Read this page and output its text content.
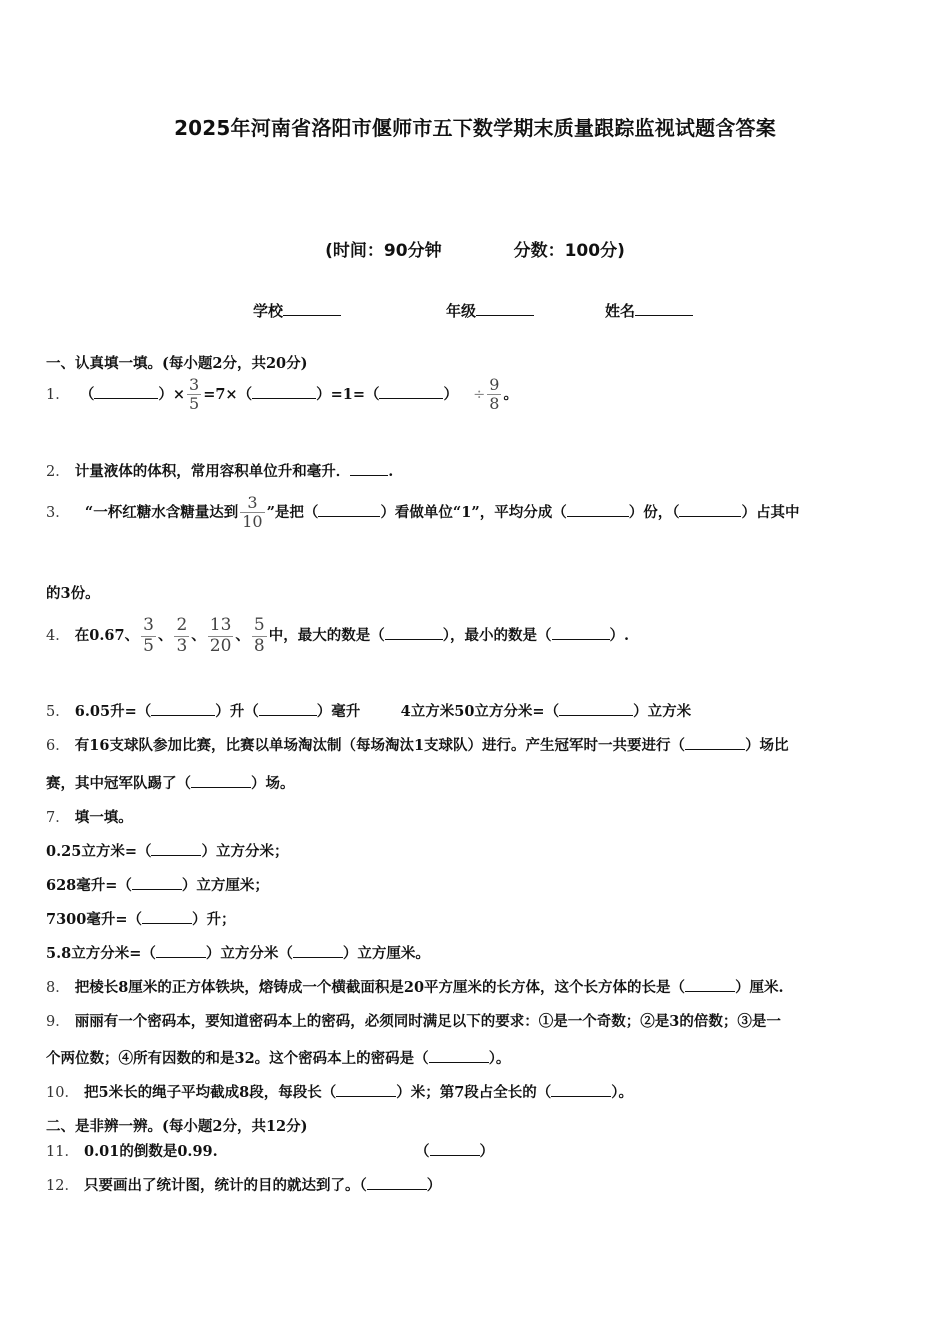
2025年河南省洛阳市偃师市五下数学期末质量跟踪监视试题含答案
(时间：90分钟	分数：100分)
学校	年级	姓名
一、认真填一填。(每小题2分，共20分)
1． （	）× $\frac{3}{5} =7\times$（	）=1=（	） ÷ $\frac{9}{8}$ 。
2． 计量液体的体积，常用容积单位升和毫升．	.
3． “一杯红糖水含糖量达到 $\frac{3}{10}$ ”是把（	）看做单位“1”，平均分成（	）份，（	）占其中
的3份。
4． 在0.67、 $\frac{3}{5}$ 、 $\frac{2}{3}$ 、 $\frac{13}{20}$ 、 $\frac{5}{8}$ 中，最大的数是（	），最小的数是（	）.
5． 6.05升=（	）升（	）毫升	4立方米50立方分米=（	）立方米
6． 有16支球队参加比赛，比赛以单场淘汰制（每场淘汰1支球队）进行。产生冠军时一共要进行（	）场比
赛，其中冠军队踢了（	）场。
7． 填一填。
0.25立方米=（	）立方分米；
628毫升=（	）立方厘米；
7300毫升=（	）升；
5.8立方分米=（	）立方分米（	）立方厘米。
8． 把棱长8厘米的正方体铁块，熔铸成一个横截面积是20平方厘米的长方体，这个长方体的长是（	）厘米.
9． 丽丽有一个密码本，要知道密码本上的密码，必须同时满足以下的要求：①是一个奇数；②是3的倍数；③是一
个两位数；④所有因数的和是32。这个密码本上的密码是（	）。
10． 把5米长的绳子平均截成8段，每段长（	）米；第7段占全长的（	）。
二、是非辨一辨。(每小题2分，共12分)
11． 0.01的倒数是0.99.	（	）
12． 只要画出了统计图，统计的目的就达到了。（	）
